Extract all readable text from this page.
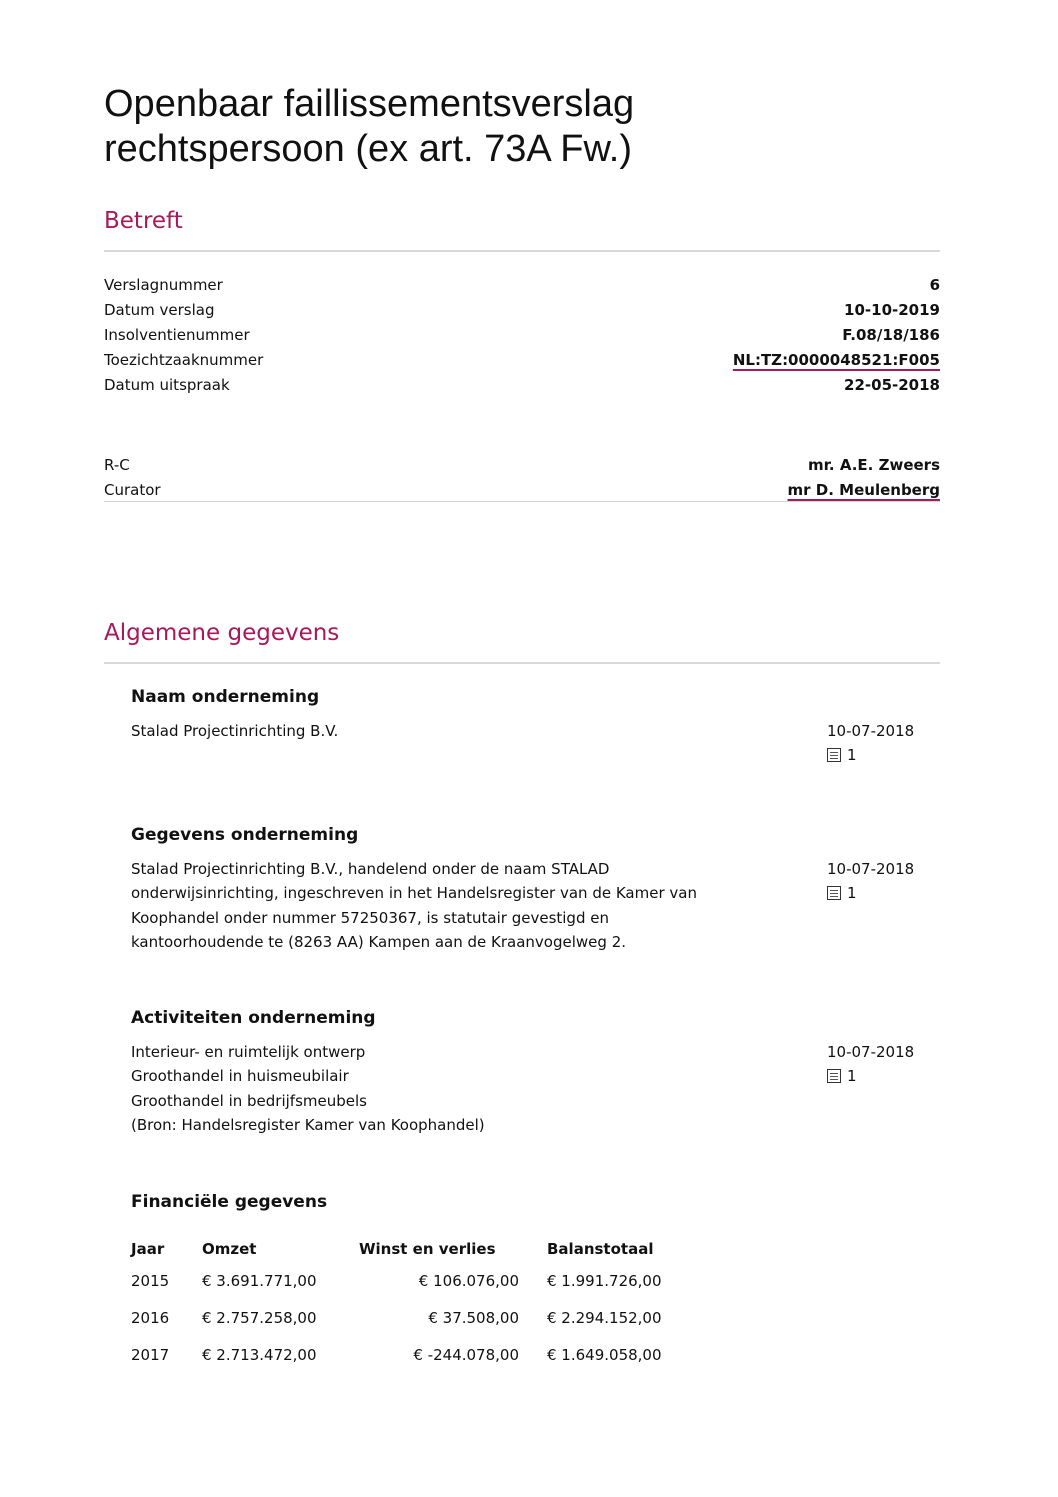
Openbaar faillissementsverslag
rechtspersoon (ex art. 73A Fw.)
Betreft
Verslagnummer	6
Datum verslag	10-10-2019
Insolventienummer	F.08/18/186
Toezichtzaaknummer	NL:TZ:0000048521:F005
Datum uitspraak	22-05-2018
R-C	mr. A.E. Zweers
Curator	mr D. Meulenberg
Algemene gegevens
Naam onderneming
Stalad Projectinrichting B.V.	10-07-2018
1
Gegevens onderneming
Stalad Projectinrichting B.V., handelend onder de naam STALAD
onderwijsinrichting, ingeschreven in het Handelsregister van de Kamer van
Koophandel onder nummer 57250367, is statutair gevestigd en
kantoorhoudende te (8263 AA) Kampen aan de Kraanvogelweg 2.
10-07-2018
1
Activiteiten onderneming
Interieur- en ruimtelijk ontwerp
Groothandel in huismeubilair
Groothandel in bedrijfsmeubels
(Bron: Handelsregister Kamer van Koophandel)
10-07-2018
1
Financiële gegevens
Jaar	Omzet	Winst en verlies	Balanstotaal
2015	€ 3.691.771,00	€ 106.076,00	€ 1.991.726,00
2016	€ 2.757.258,00	€ 37.508,00	€ 2.294.152,00
2017	€ 2.713.472,00	€ -244.078,00	€ 1.649.058,00
